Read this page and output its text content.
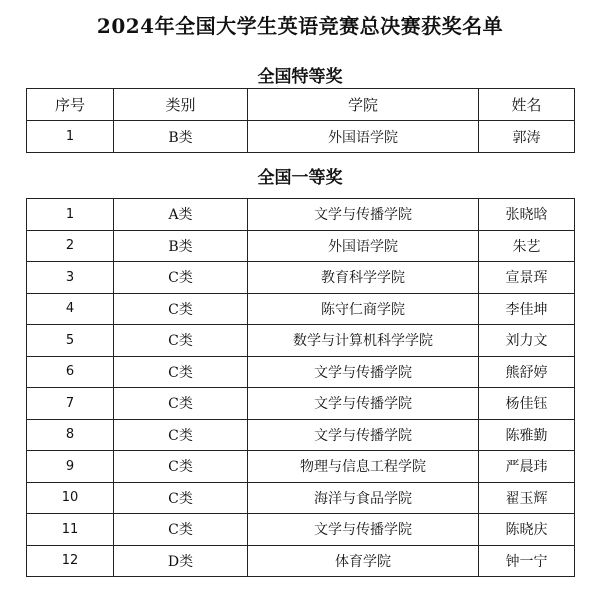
2024年全国大学生英语竞赛总决赛获奖名单
全国特等奖
序号	类别	学院	姓名
1	B类	外国语学院	郭涛
全国一等奖
1	A类	文学与传播学院	张晓晗
2	B类	外国语学院	朱艺
3	C类	教育科学学院	宣景珲
4	C类	陈守仁商学院	李佳坤
5	C类	数学与计算机科学学院	刘力文
6	C类	文学与传播学院	熊舒婷
7	C类	文学与传播学院	杨佳钰
8	C类	文学与传播学院	陈雅勤
9	C类	物理与信息工程学院	严晨玮
10	C类	海洋与食品学院	翟玉辉
11	C类	文学与传播学院	陈晓庆
12	D类	体育学院	钟一宁
